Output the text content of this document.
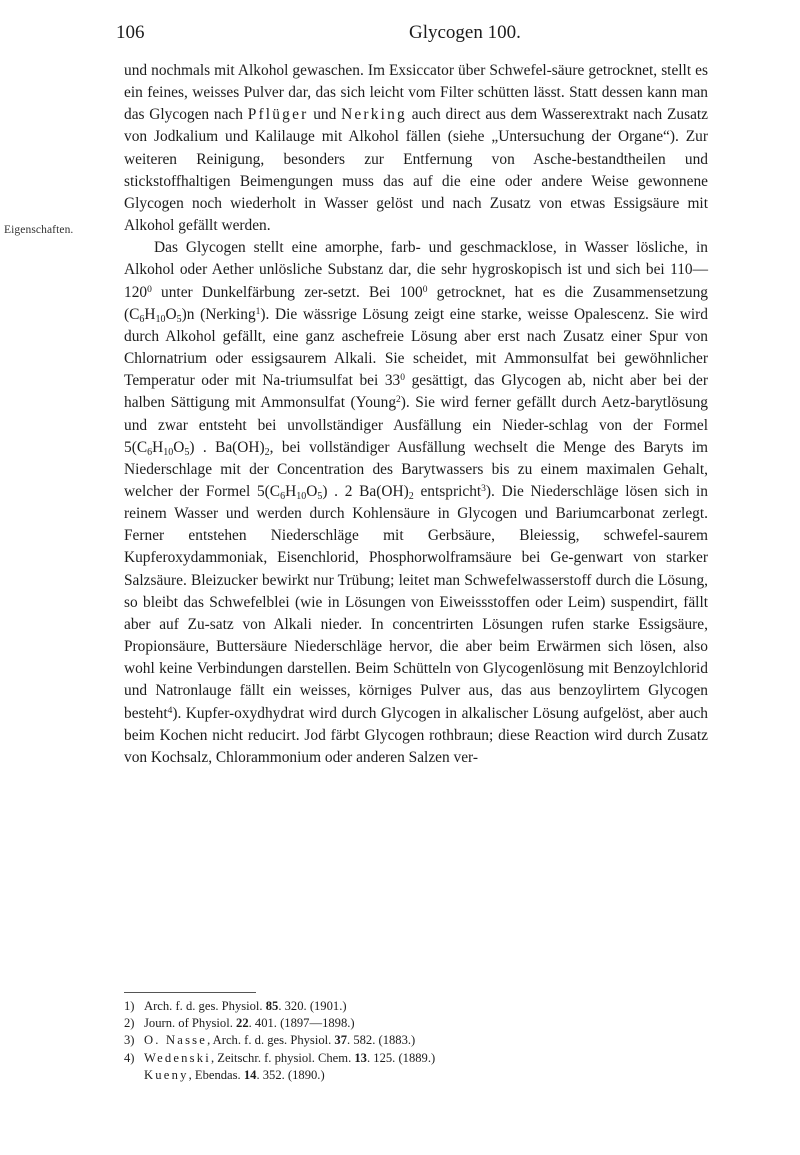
106	Glycogen 100.
Eigenschaften.

und nochmals mit Alkohol gewaschen. Im Exsiccator über Schwefel-säure getrocknet, stellt es ein feines, weisses Pulver dar, das sich leicht vom Filter schütten lässt. Statt dessen kann man das Glycogen nach Pflüger und Nerking auch direct aus dem Wasserextrakt nach Zusatz von Jodkalium und Kalilauge mit Alkohol fällen (siehe „Untersuchung der Organe“). Zur weiteren Reinigung, besonders zur Entfernung von Asche-bestandtheilen und stickstoffhaltigen Beimengungen muss das auf die eine oder andere Weise gewonnene Glycogen noch wiederholt in Wasser gelöst und nach Zusatz von etwas Essigsäure mit Alkohol gefällt werden.

Das Glycogen stellt eine amorphe, farb- und geschmacklose, in Wasser lösliche, in Alkohol oder Aether unlösliche Substanz dar, die sehr hygroskopisch ist und sich bei $110—120^0$ unter Dunkelfärbung zer-setzt. Bei $100^0$ getrocknet, hat es die Zusammensetzung $(C_6H_{10}O_5)n$ (Nerking$^1$). Die wässrige Lösung zeigt eine starke, weisse Opalescenz. Sie wird durch Alkohol gefällt, eine ganz aschefreie Lösung aber erst nach Zusatz einer Spur von Chlornatrium oder essigsaurem Alkali. Sie scheidet, mit Ammonsulfat bei gewöhnlicher Temperatur oder mit Na-triumsulfat bei $33^0$ gesättigt, das Glycogen ab, nicht aber bei der halben Sättigung mit Ammonsulfat (Young$^2$). Sie wird ferner gefällt durch Aetz-barytlösung und zwar entsteht bei unvollständiger Ausfällung ein Nieder-schlag von der Formel $5(C_6H_{10}O_5)$ . $Ba(OH)_2$, bei vollständiger Ausfällung wechselt die Menge des Baryts im Niederschlage mit der Concentration des Barytwassers bis zu einem maximalen Gehalt, welcher der Formel $5(C_6H_{10}O_5)$ . 2 $Ba(OH)_2$ entspricht$^3$). Die Niederschläge lösen sich in reinem Wasser und werden durch Kohlensäure in Glycogen und Bariumcarbonat zerlegt. Ferner entstehen Niederschläge mit Gerbsäure, Bleiessig, schwefel-saurem Kupferoxydammoniak, Eisenchlorid, Phosphorwolframsäure bei Ge-genwart von starker Salzsäure. Bleizucker bewirkt nur Trübung; leitet man Schwefelwasserstoff durch die Lösung, so bleibt das Schwefelblei (wie in Lösungen von Eiweissstoffen oder Leim) suspendirt, fällt aber auf Zu-satz von Alkali nieder. In concentrirten Lösungen rufen starke Essigsäure, Propionsäure, Buttersäure Niederschläge hervor, die aber beim Erwärmen sich lösen, also wohl keine Verbindungen darstellen. Beim Schütteln von Glycogenlösung mit Benzoylchlorid und Natronlauge fällt ein weisses, körniges Pulver aus, das aus benzoylirtem Glycogen besteht$^4$). Kupfer-oxydhydrat wird durch Glycogen in alkalischer Lösung aufgelöst, aber auch beim Kochen nicht reducirt. Jod färbt Glycogen rothbraun; diese Reaction wird durch Zusatz von Kochsalz, Chlorammonium oder anderen Salzen ver-

1) Arch. f. d. ges. Physiol. 85. 320. (1901.)

2) Journ. of Physiol. 22. 401. (1897—1898.)

3) O. Nasse, Arch. f. d. ges. Physiol. 37. 582. (1883.)

4) Wedenski, Zeitschr. f. physiol. Chem. 13. 125. (1889.)

Kueny, Ebendas. 14. 352. (1890.)
